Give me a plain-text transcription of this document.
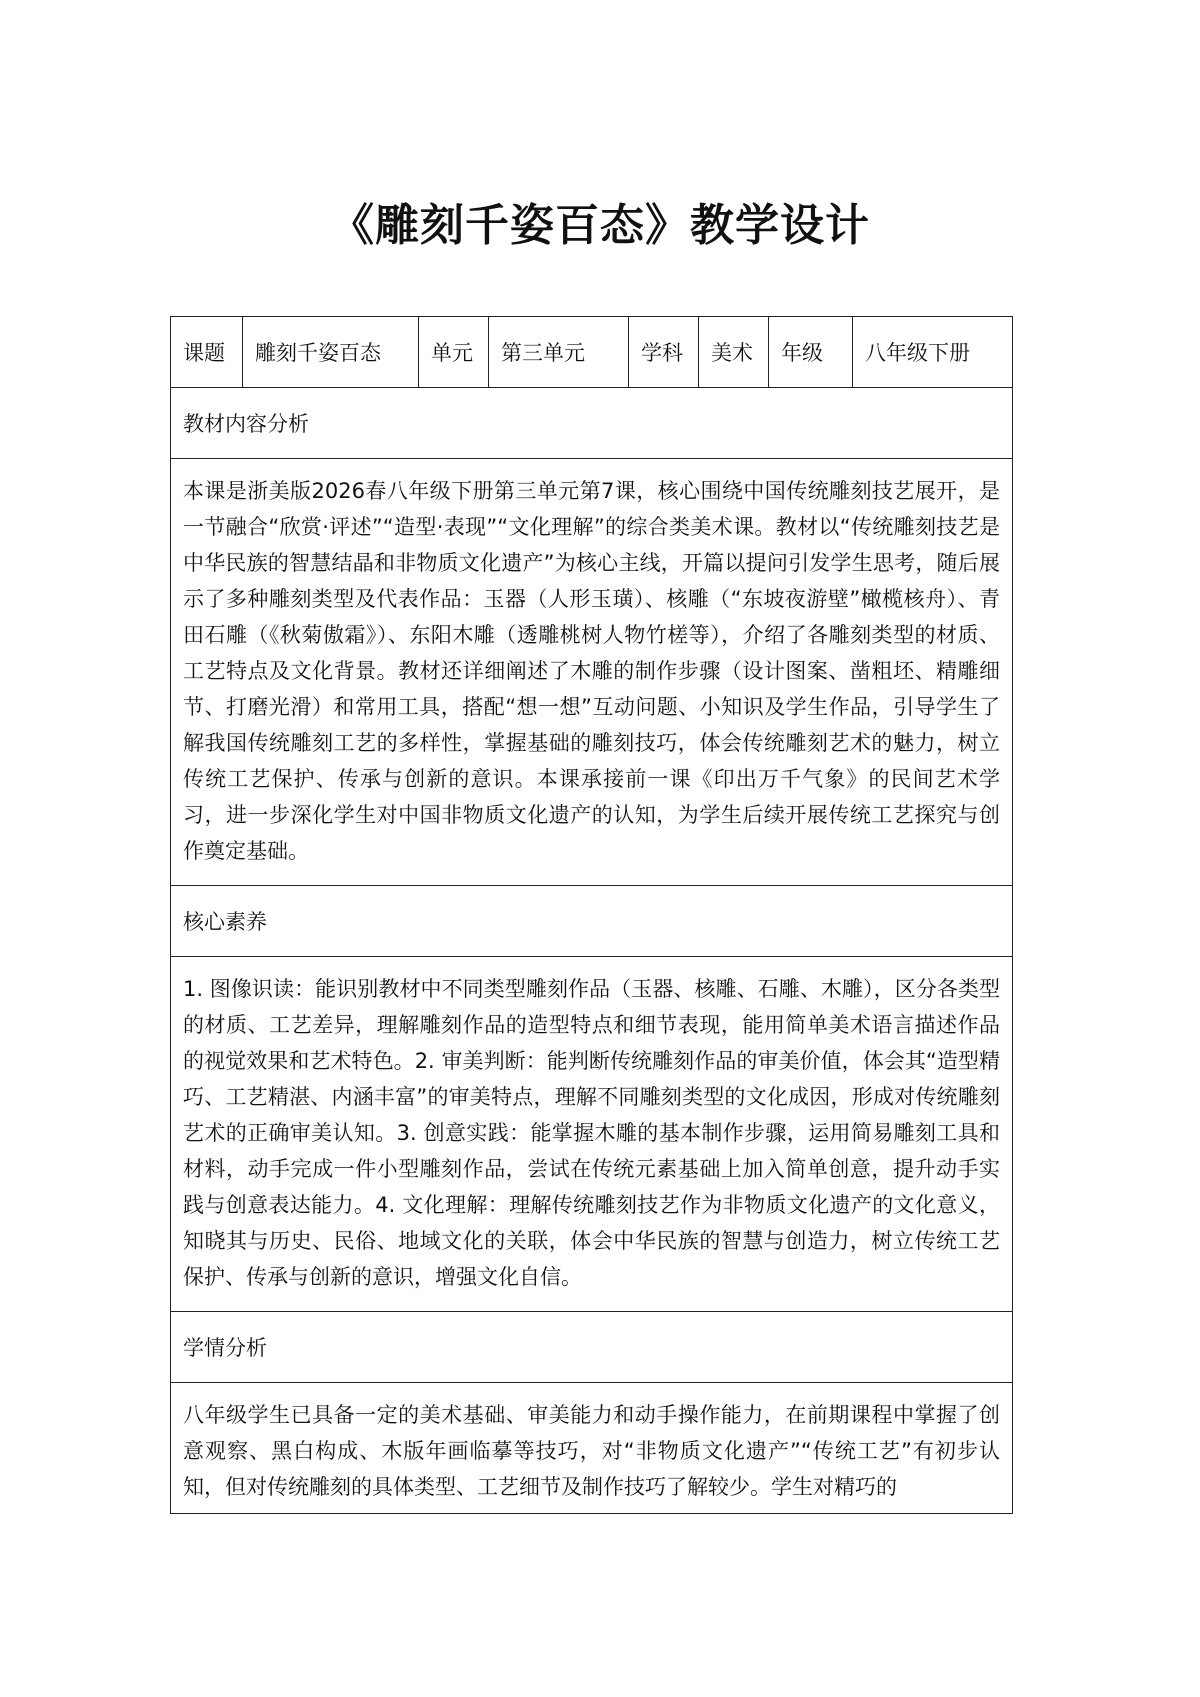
《雕刻千姿百态》教学设计
课题	雕刻千姿百态	单元	第三单元	学科	美术	年级	八年级下册
教材内容分析
本课是浙美版2026春八年级下册第三单元第7课，核心围绕中国传统雕刻技艺展开，是一节融合“欣赏·评述”“造型·表现”“文化理解”的综合类美术课。教材以“传统雕刻技艺是中华民族的智慧结晶和非物质文化遗产”为核心主线，开篇以提问引发学生思考，随后展示了多种雕刻类型及代表作品：玉器（人形玉璜）、核雕（“东坡夜游壁”橄榄核舟）、青田石雕（《秋菊傲霜》）、东阳木雕（透雕桃树人物竹槎等），介绍了各雕刻类型的材质、工艺特点及文化背景。教材还详细阐述了木雕的制作步骤（设计图案、凿粗坯、精雕细节、打磨光滑）和常用工具，搭配“想一想”互动问题、小知识及学生作品，引导学生了解我国传统雕刻工艺的多样性，掌握基础的雕刻技巧，体会传统雕刻艺术的魅力，树立传统工艺保护、传承与创新的意识。本课承接前一课《印出万千气象》的民间艺术学习，进一步深化学生对中国非物质文化遗产的认知，为学生后续开展传统工艺探究与创作奠定基础。
核心素养
1. 图像识读：能识别教材中不同类型雕刻作品（玉器、核雕、石雕、木雕），区分各类型的材质、工艺差异，理解雕刻作品的造型特点和细节表现，能用简单美术语言描述作品的视觉效果和艺术特色。2. 审美判断：能判断传统雕刻作品的审美价值，体会其“造型精巧、工艺精湛、内涵丰富”的审美特点，理解不同雕刻类型的文化成因，形成对传统雕刻艺术的正确审美认知。3. 创意实践：能掌握木雕的基本制作步骤，运用简易雕刻工具和材料，动手完成一件小型雕刻作品，尝试在传统元素基础上加入简单创意，提升动手实践与创意表达能力。4. 文化理解：理解传统雕刻技艺作为非物质文化遗产的文化意义，知晓其与历史、民俗、地域文化的关联，体会中华民族的智慧与创造力，树立传统工艺保护、传承与创新的意识，增强文化自信。
学情分析
八年级学生已具备一定的美术基础、审美能力和动手操作能力，在前期课程中掌握了创意观察、黑白构成、木版年画临摹等技巧，对“非物质文化遗产”“传统工艺”有初步认知，但对传统雕刻的具体类型、工艺细节及制作技巧了解较少。学生对精巧的
